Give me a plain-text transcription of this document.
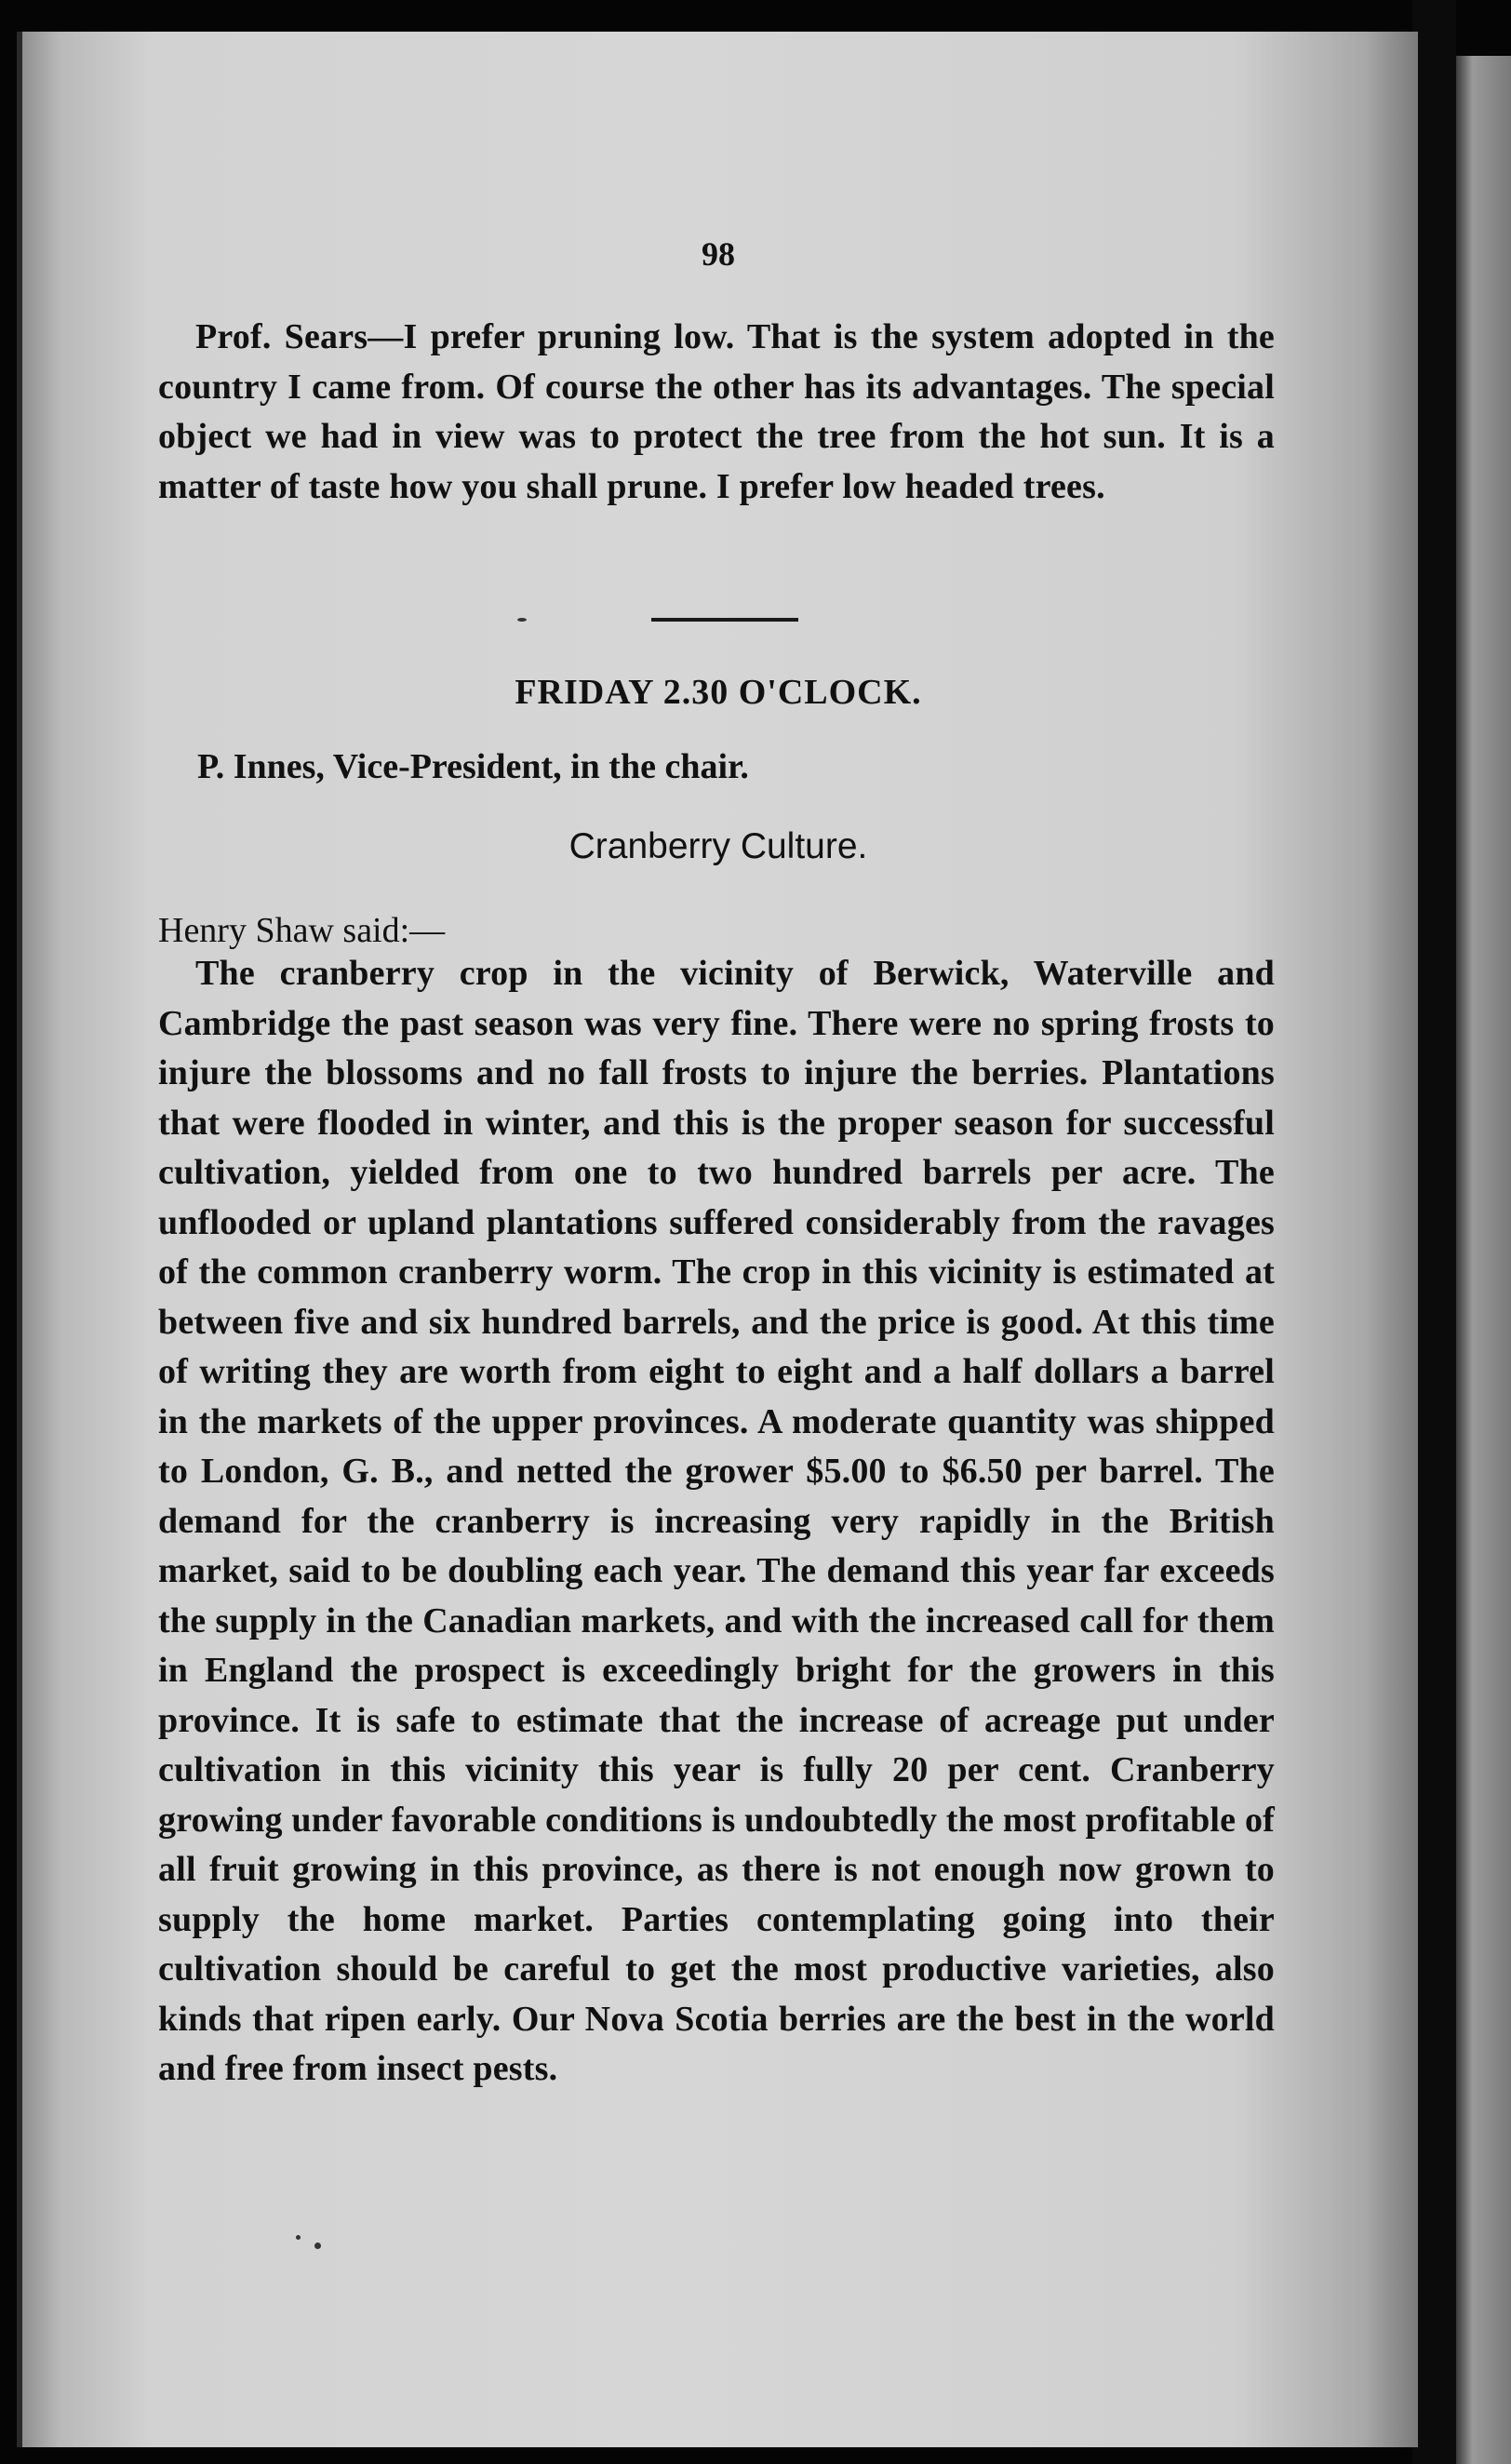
98

Prof. Sears—I prefer pruning low. That is the system adopted in the country I came from. Of course the other has its advantages. The special object we had in view was to protect the tree from the hot sun. It is a matter of taste how you shall prune. I prefer low headed trees.

FRIDAY 2.30 O'CLOCK.
P. Innes, Vice-President, in the chair.
Cranberry Culture.
Henry Shaw said:—

The cranberry crop in the vicinity of Berwick, Waterville and Cambridge the past season was very fine. There were no spring frosts to injure the blossoms and no fall frosts to injure the berries. Plantations that were flooded in winter, and this is the proper season for successful cultivation, yielded from one to two hundred barrels per acre. The unflooded or upland plantations suffered considerably from the ravages of the common cranberry worm. The crop in this vicinity is estimated at between five and six hundred barrels, and the price is good. At this time of writing they are worth from eight to eight and a half dollars a barrel in the markets of the upper provinces. A moderate quantity was shipped to London, G. B., and netted the grower $5.00 to $6.50 per barrel. The demand for the cranberry is increasing very rapidly in the British market, said to be doubling each year. The demand this year far exceeds the supply in the Canadian markets, and with the increased call for them in England the prospect is exceedingly bright for the growers in this province. It is safe to estimate that the increase of acreage put under cultivation in this vicinity this year is fully 20 per cent. Cranberry growing under favorable conditions is undoubtedly the most profitable of all fruit growing in this province, as there is not enough now grown to supply the home market. Parties contemplating going into their cultivation should be careful to get the most productive varieties, also kinds that ripen early. Our Nova Scotia berries are the best in the world and free from insect pests.
